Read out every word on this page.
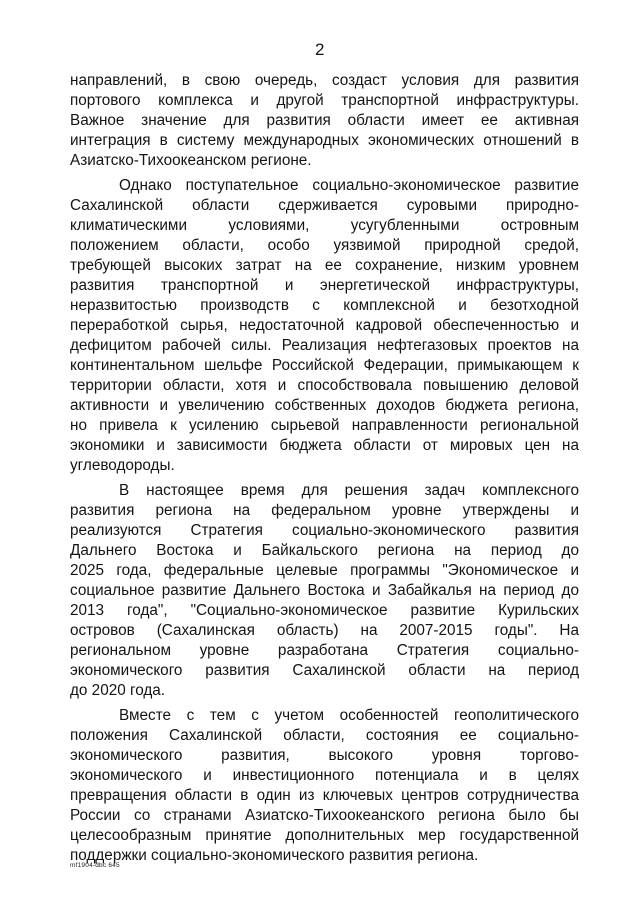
2
направлений, в свою очередь, создаст условия для развития
портового комплекса и другой транспортной инфраструктуры.
Важное значение для развития области имеет ее активная
интеграция в систему международных экономических отношений в
Азиатско-Тихоокеанском регионе.
Однако поступательное социально-экономическое развитие
Сахалинской области сдерживается суровыми природно-
климатическими условиями, усугубленными островным
положением области, особо уязвимой природной средой,
требующей высоких затрат на ее сохранение, низким уровнем
развития транспортной и энергетической инфраструктуры,
неразвитостью производств с комплексной и безотходной
переработкой сырья, недостаточной кадровой обеспеченностью и
дефицитом рабочей силы. Реализация нефтегазовых проектов на
континентальном шельфе Российской Федерации, примыкающем к
территории области, хотя и способствовала повышению деловой
активности и увеличению собственных доходов бюджета региона,
но привела к усилению сырьевой направленности региональной
экономики и зависимости бюджета области от мировых цен на
углеводороды.
В настоящее время для решения задач комплексного
развития региона на федеральном уровне утверждены и
реализуются Стратегия социально-экономического развития
Дальнего Востока и Байкальского региона на период до
2025 года, федеральные целевые программы "Экономическое и
социальное развитие Дальнего Востока и Забайкалья на период до
2013 года", "Социально-экономическое развитие Курильских
островов (Сахалинская область) на 2007-2015 годы". На
региональном уровне разработана Стратегия социально-
экономического развития Сахалинской области на период
до 2020 года.
Вместе с тем с учетом особенностей геополитического
положения Сахалинской области, состояния ее социально-
экономического развития, высокого уровня торгово-
экономического и инвестиционного потенциала и в целях
превращения области в один из ключевых центров сотрудничества
России со странами Азиатско-Тихоокеанского региона было бы
целесообразным принятие дополнительных мер государственной
поддержки социально-экономического развития региона.
mf1904-dbc 645
